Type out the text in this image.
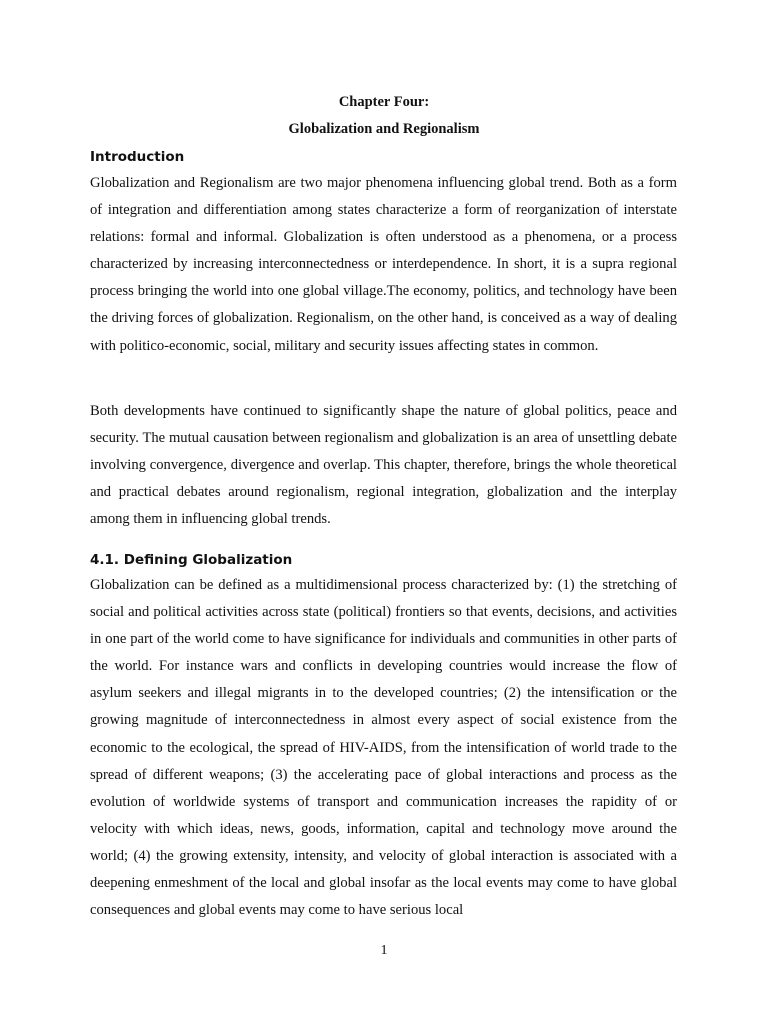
Chapter Four:
Globalization and Regionalism
Introduction

Globalization and Regionalism are two major phenomena influencing global trend. Both as a form of integration and differentiation among states characterize a form of reorganization of interstate relations: formal and informal. Globalization is often understood as a phenomena, or a process characterized by increasing interconnectedness or interdependence. In short, it is a supra regional process bringing the world into one global village.The economy, politics, and technology have been the driving forces of globalization. Regionalism, on the other hand, is conceived as a way of dealing with politico-economic, social, military and security issues affecting states in common.

Both developments have continued to significantly shape the nature of global politics, peace and security. The mutual causation between regionalism and globalization is an area of unsettling debate involving convergence, divergence and overlap. This chapter, therefore, brings the whole theoretical and practical debates around regionalism, regional integration, globalization and the interplay among them in influencing global trends.

4.1. Defining Globalization

Globalization can be defined as a multidimensional process characterized by: (1) the stretching of social and political activities across state (political) frontiers so that events, decisions, and activities in one part of the world come to have significance for individuals and communities in other parts of the world. For instance wars and conflicts in developing countries would increase the flow of asylum seekers and illegal migrants in to the developed countries; (2) the intensification or the growing magnitude of interconnectedness in almost every aspect of social existence from the economic to the ecological, the spread of HIV-AIDS, from the intensification of world trade to the spread of different weapons; (3) the accelerating pace of global interactions and process as the evolution of worldwide systems of transport and communication increases the rapidity of or velocity with which ideas, news, goods, information, capital and technology move around the world; (4) the growing extensity, intensity, and velocity of global interaction is associated with a deepening enmeshment of the local and global insofar as the local events may come to have global consequences and global events may come to have serious local

1
